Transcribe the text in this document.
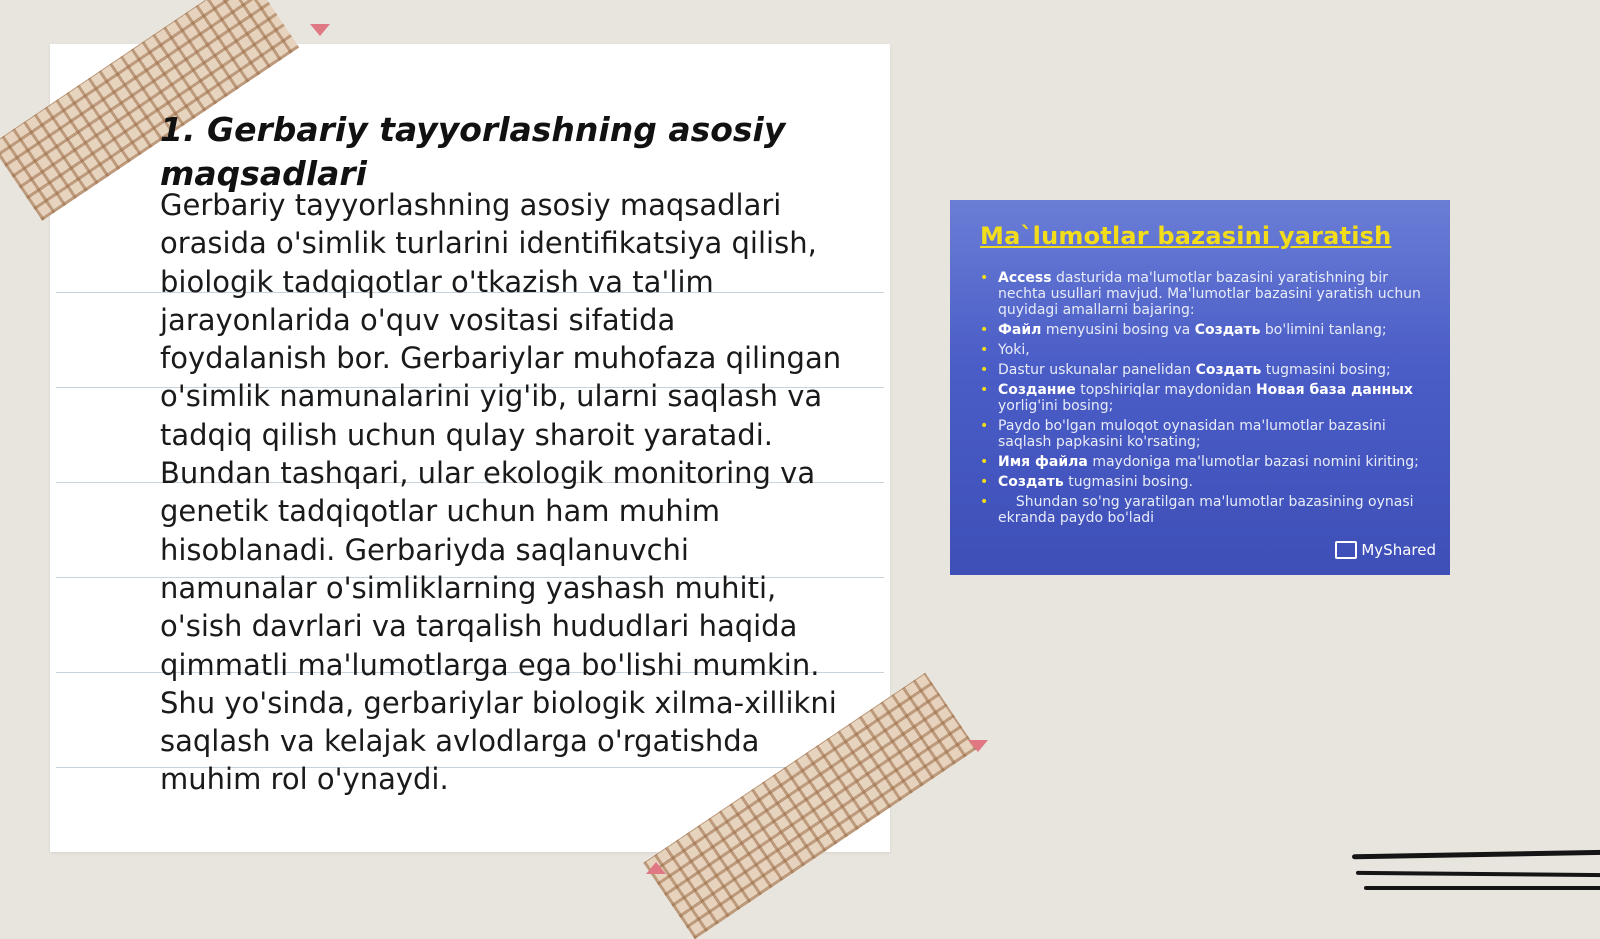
1. Gerbariy tayyorlashning asosiy maqsadlari

Gerbariy tayyorlashning asosiy maqsadlari orasida o'simlik turlarini identifikatsiya qilish, biologik tadqiqotlar o'tkazish va ta'lim jarayonlarida o'quv vositasi sifatida foydalanish bor. Gerbariylar muhofaza qilingan o'simlik namunalarini yig'ib, ularni saqlash va tadqiq qilish uchun qulay sharoit yaratadi. Bundan tashqari, ular ekologik monitoring va genetik tadqiqotlar uchun ham muhim hisoblanadi. Gerbariyda saqlanuvchi namunalar o'simliklarning yashash muhiti, o'sish davrlari va tarqalish hududlari haqida qimmatli ma'lumotlarga ega bo'lishi mumkin. Shu yo'sinda, gerbariylar biologik xilma-xillikni saqlash va kelajak avlodlarga o'rgatishda muhim rol o'ynaydi.

Ma`lumotlar bazasini yaratish
• Access dasturida ma'lumotlar bazasini yaratishning bir nechta usullari mavjud. Ma'lumotlar bazasini yaratish uchun quyidagi amallarni bajaring:
• Файл menyusini bosing va Создать bo'limini tanlang;
• Yoki,
• Dastur uskunalar panelidan Создать tugmasini bosing;
• Создание topshiriqlar maydonidan Новая база данных yorlig'ini bosing;
• Paydo bo'lgan muloqot oynasidan ma'lumotlar bazasini saqlash papkasini ko'rsating;
• Имя файла maydoniga ma'lumotlar bazasi nomini kiriting;
• Создать tugmasini bosing.
• Shundan so'ng yaratilgan ma'lumotlar bazasining oynasi ekranda paydo bo'ladi
MyShared
